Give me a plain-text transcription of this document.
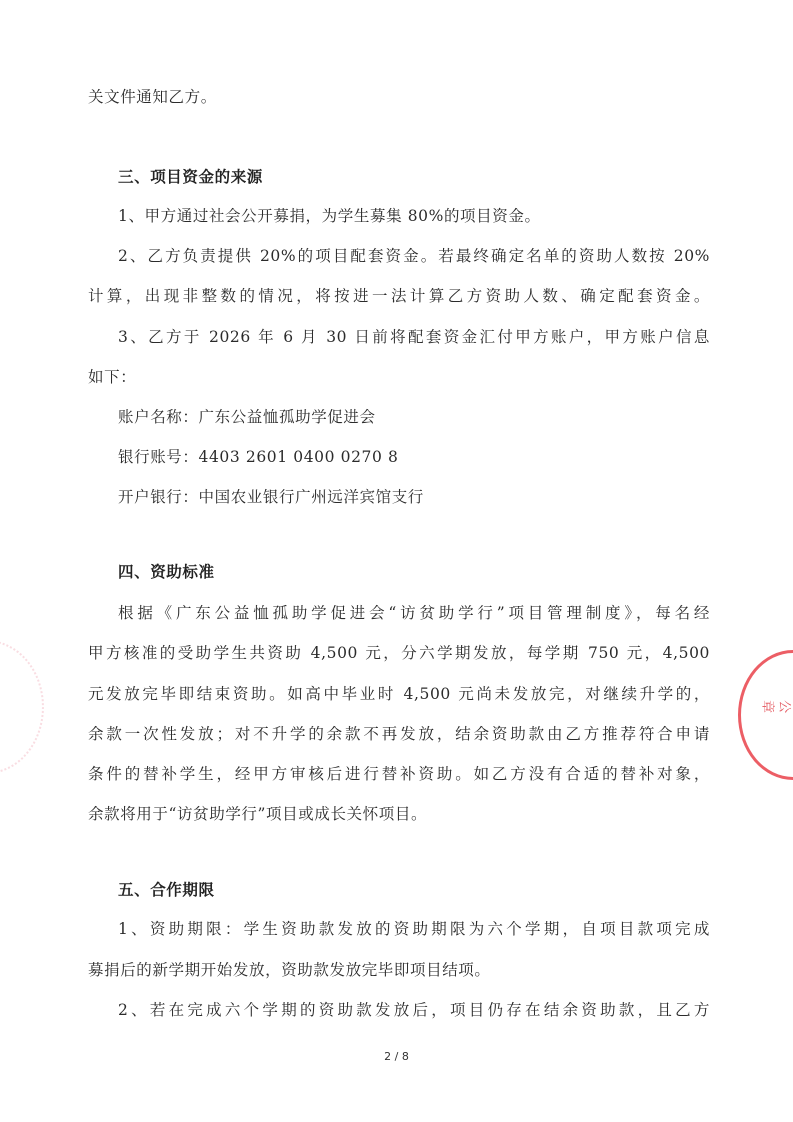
关文件通知乙方。
三、项目资金的来源
1、甲方通过社会公开募捐，为学生募集 80%的项目资金。
2、乙方负责提供 20%的项目配套资金。若最终确定名单的资助人数按 20%
计算，出现非整数的情况，将按进一法计算乙方资助人数、确定配套资金。
3、乙方于 2026 年 6 月 30 日前将配套资金汇付甲方账户，甲方账户信息
如下：
账户名称：广东公益恤孤助学促进会
银行账号：4403 2601 0400 0270 8
开户银行：中国农业银行广州远洋宾馆支行
四、资助标准
根据《广东公益恤孤助学促进会“访贫助学行”项目管理制度》，每名经
甲方核准的受助学生共资助 4,500 元，分六学期发放，每学期 750 元，4,500
元发放完毕即结束资助。如高中毕业时 4,500 元尚未发放完，对继续升学的，
余款一次性发放；对不升学的余款不再发放，结余资助款由乙方推荐符合申请
条件的替补学生，经甲方审核后进行替补资助。如乙方没有合适的替补对象，
余款将用于“访贫助学行”项目或成长关怀项目。
五、合作期限
1、资助期限：学生资助款发放的资助期限为六个学期，自项目款项完成
募捐后的新学期开始发放，资助款发放完毕即项目结项。
2、若在完成六个学期的资助款发放后，项目仍存在结余资助款，且乙方
公 章
2 / 8
